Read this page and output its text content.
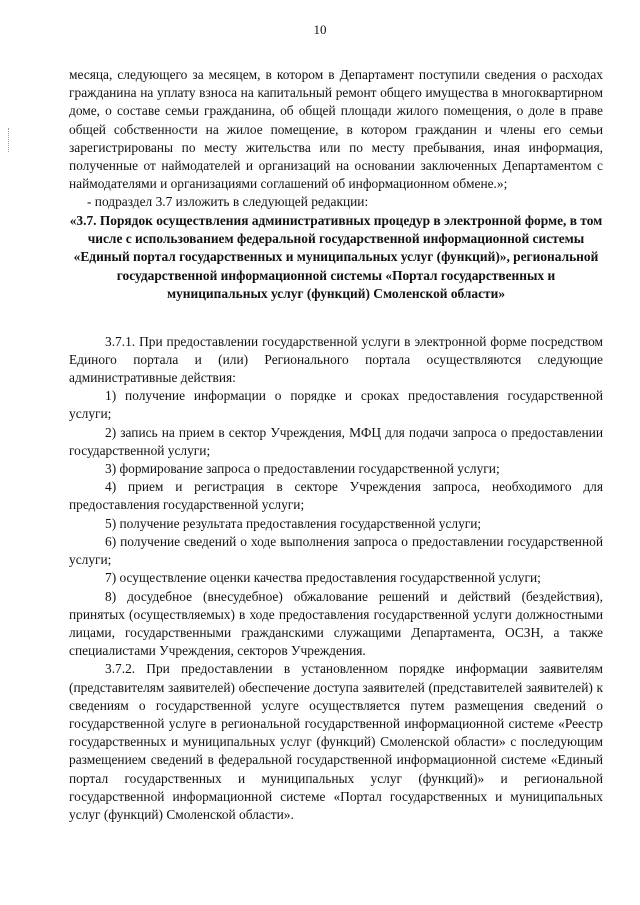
10

месяца, следующего за месяцем, в котором в Департамент поступили сведения о расходах гражданина на уплату взноса на капитальный ремонт общего имущества в многоквартирном доме, о составе семьи гражданина, об общей площади жилого помещения, о доле в праве общей собственности на жилое помещение, в котором гражданин и члены его семьи зарегистрированы по месту жительства или по месту пребывания, иная информация, полученные от наймодателей и организаций на основании заключенных Департаментом с наймодателями и организациями соглашений об информационном обмене.»;

- подраздел 3.7 изложить в следующей редакции:

«3.7. Порядок осуществления административных процедур в электронной форме, в том числе с использованием федеральной государственной информационной системы «Единый портал государственных и муниципальных услуг (функций)», региональной государственной информационной системы «Портал государственных и муниципальных услуг (функций) Смоленской области»

3.7.1. При предоставлении государственной услуги в электронной форме посредством Единого портала и (или) Регионального портала осуществляются следующие административные действия:

1) получение информации о порядке и сроках предоставления государственной услуги;

2) запись на прием в сектор Учреждения, МФЦ для подачи запроса о предоставлении государственной услуги;

3) формирование запроса о предоставлении государственной услуги;

4) прием и регистрация в секторе Учреждения запроса, необходимого для предоставления государственной услуги;

5) получение результата предоставления государственной услуги;

6) получение сведений о ходе выполнения запроса о предоставлении государственной услуги;

7) осуществление оценки качества предоставления государственной услуги;

8) досудебное (внесудебное) обжалование решений и действий (бездействия), принятых (осуществляемых) в ходе предоставления государственной услуги должностными лицами, государственными гражданскими служащими Департамента, ОСЗН, а также специалистами Учреждения, секторов Учреждения.

3.7.2. При предоставлении в установленном порядке информации заявителям (представителям заявителей) обеспечение доступа заявителей (представителей заявителей) к сведениям о государственной услуге осуществляется путем размещения сведений о государственной услуге в региональной государственной информационной системе «Реестр государственных и муниципальных услуг (функций) Смоленской области» с последующим размещением сведений в федеральной государственной информационной системе «Единый портал государственных и муниципальных услуг (функций)» и региональной государственной информационной системе «Портал государственных и муниципальных услуг (функций) Смоленской области».
